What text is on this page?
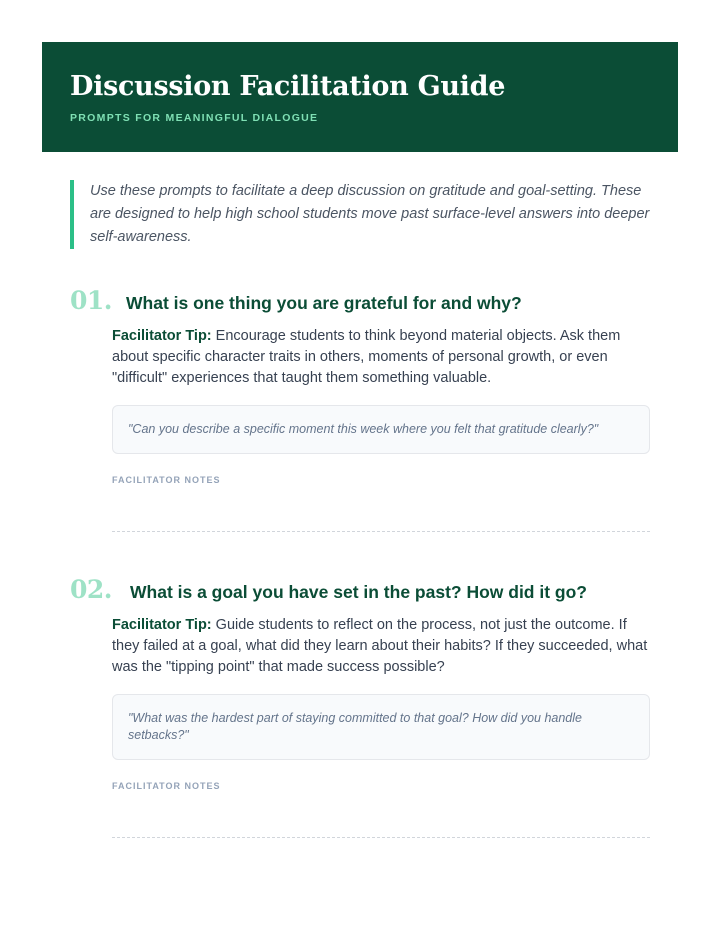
Discussion Facilitation Guide
PROMPTS FOR MEANINGFUL DIALOGUE
Use these prompts to facilitate a deep discussion on gratitude and goal-setting. These are designed to help high school students move past surface-level answers into deeper self-awareness.
01. What is one thing you are grateful for and why?
Facilitator Tip: Encourage students to think beyond material objects. Ask them about specific character traits in others, moments of personal growth, or even "difficult" experiences that taught them something valuable.
"Can you describe a specific moment this week where you felt that gratitude clearly?"
FACILITATOR NOTES
02.	What is a goal you have set in the past? How did it go?
Facilitator Tip: Guide students to reflect on the process, not just the outcome. If they failed at a goal, what did they learn about their habits? If they succeeded, what was the "tipping point" that made success possible?
"What was the hardest part of staying committed to that goal? How did you handle setbacks?"
FACILITATOR NOTES
